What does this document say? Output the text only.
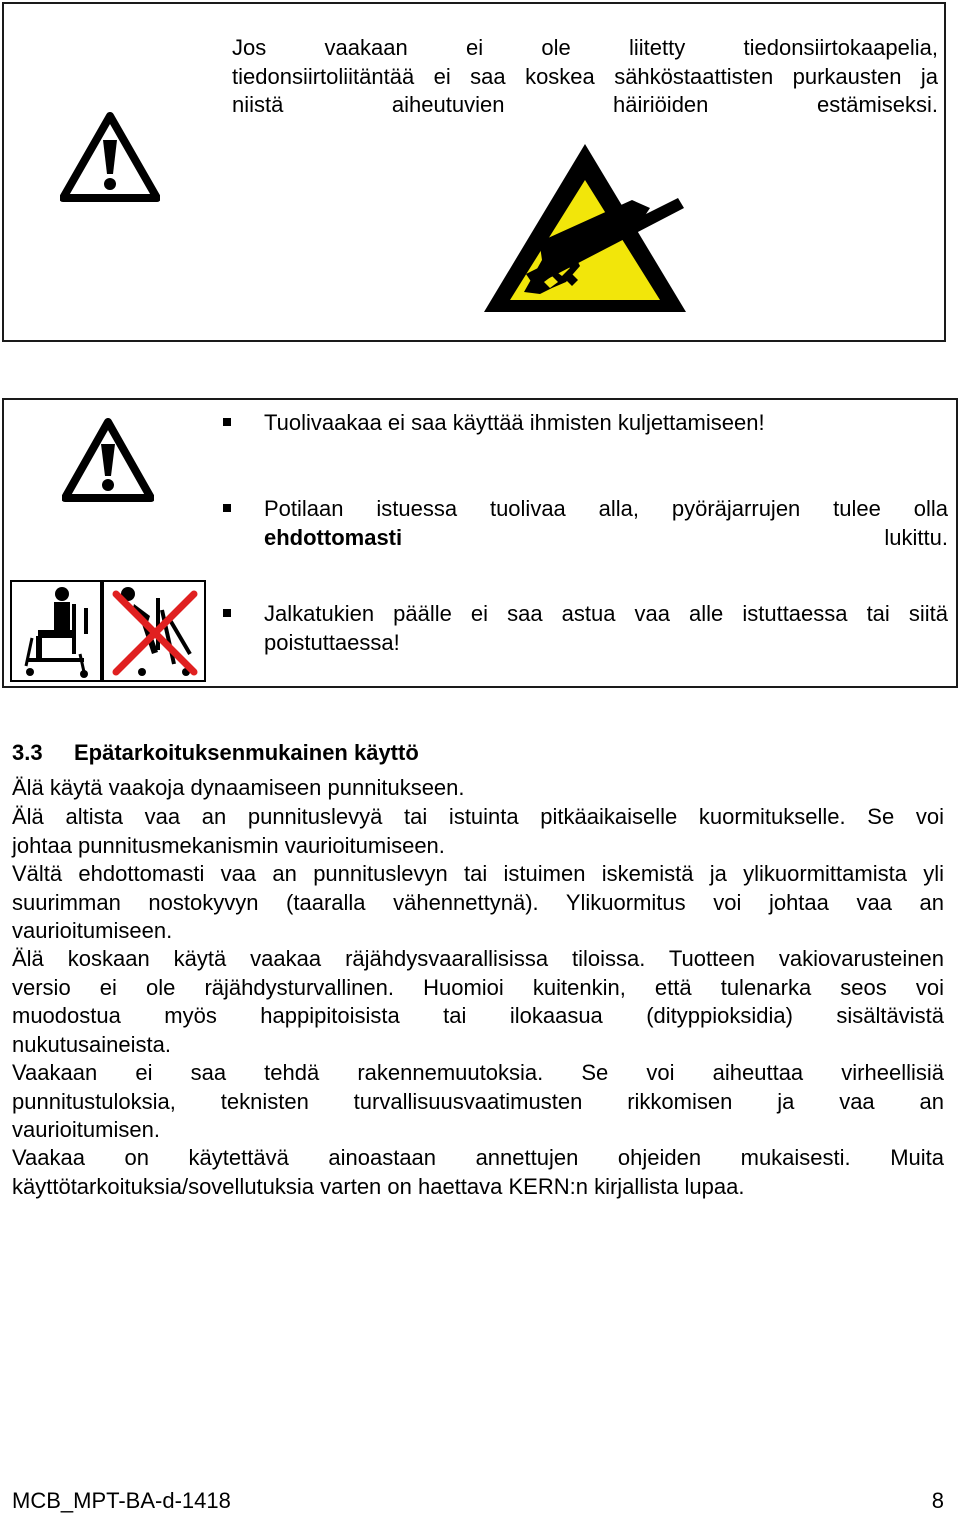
Jos vaakaan ei ole liitetty tiedonsiirtokaapelia,
tiedonsiirtoliitäntää ei saa koskea sähköstaattisten purkausten ja
niistä aiheutuvien häiriöiden estämiseksi.
Tuolivaakaa ei saa käyttää ihmisten kuljettamiseen!
Potilaan istuessa tuolivaa alla, pyöräjarrujen tulee olla
ehdottomasti lukittu.
Jalkatukien päälle ei saa astua vaa alle istuttaessa tai siitä
poistuttaessa!
3.3 Epätarkoituksenmukainen käyttö
Älä käytä vaakoja dynaamiseen punnitukseen.
Älä altista vaa an punnituslevyä tai istuinta pitkäaikaiselle kuormitukselle. Se voi
johtaa punnitusmekanismin vaurioitumiseen.
Vältä ehdottomasti vaa an punnituslevyn tai istuimen iskemistä ja ylikuormittamista yli
suurimman nostokyvyn (taaralla vähennettynä). Ylikuormitus voi johtaa vaa an
vaurioitumiseen.
Älä koskaan käytä vaakaa räjähdysvaarallisissa tiloissa. Tuotteen vakiovarusteinen
versio ei ole räjähdysturvallinen. Huomioi kuitenkin, että tulenarka seos voi
muodostua myös happipitoisista tai ilokaasua (dityppioksidia) sisältävistä
nukutusaineista.
Vaakaan ei saa tehdä rakennemuutoksia. Se voi aiheuttaa virheellisiä
punnitustuloksia, teknisten turvallisuusvaatimusten rikkomisen ja vaa an
vaurioitumisen.
Vaakaa on käytettävä ainoastaan annettujen ohjeiden mukaisesti. Muita
käyttötarkoituksia/sovellutuksia varten on haettava KERN:n kirjallista lupaa.
MCB_MPT-BA-d-1418	8
